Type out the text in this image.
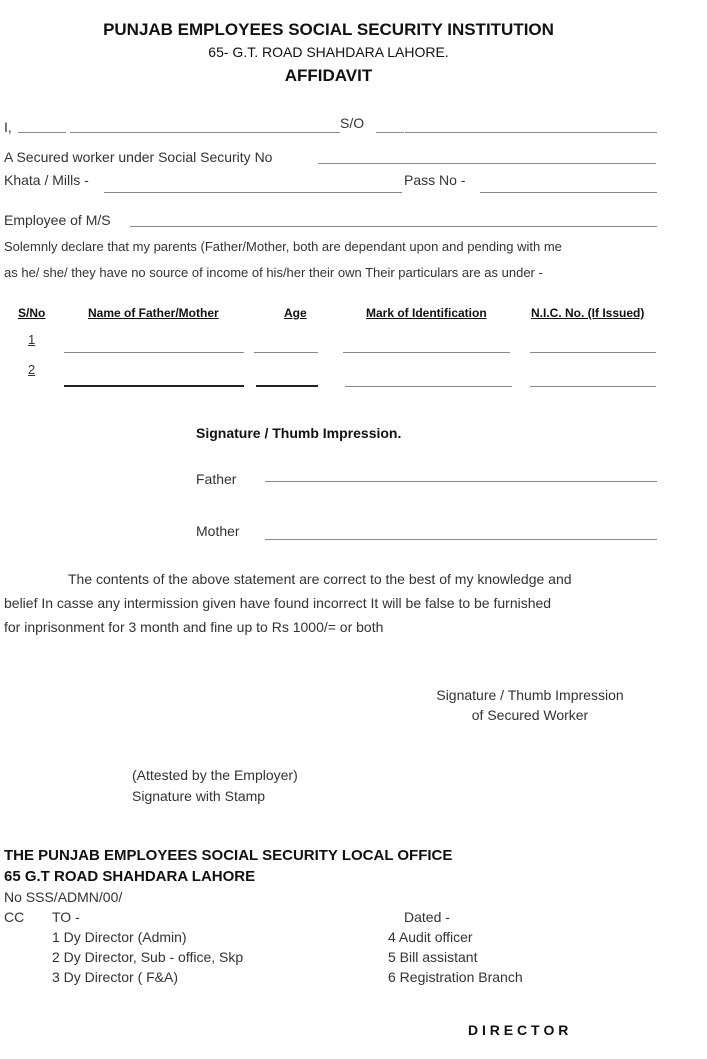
PUNJAB EMPLOYEES SOCIAL SECURITY INSTITUTION
65- G.T. ROAD SHAHDARA LAHORE.
AFFIDAVIT
I,	S/O
A Secured worker under Social Security No
Khata / Mills -	Pass No -
Employee of M/S
Solemnly declare that my parents (Father/Mother, both are dependant upon and pending with me
as he/ she/ they have no source of income of his/her their own Their particulars are as under -
S/No	Name of Father/Mother	Age	Mark of Identification	N.I.C. No. (If Issued)
1
2
Signature / Thumb Impression.
Father
Mother
The contents of the above statement are correct to the best of my knowledge and
belief In casse any intermission given have found incorrect It will be false to be furnished
for inprisonment for 3 month and fine up to Rs 1000/= or both
Signature / Thumb Impression
of Secured Worker
(Attested by the Employer)
Signature with Stamp
THE PUNJAB EMPLOYEES SOCIAL SECURITY LOCAL OFFICE
65 G.T ROAD SHAHDARA LAHORE
No SSS/ADMN/00/
CC TO -	Dated -
1 Dy Director (Admin)
2 Dy Director, Sub - office, Skp
3 Dy Director ( F&A)
4 Audit officer
5 Bill assistant
6 Registration Branch
D I R E C T O R
